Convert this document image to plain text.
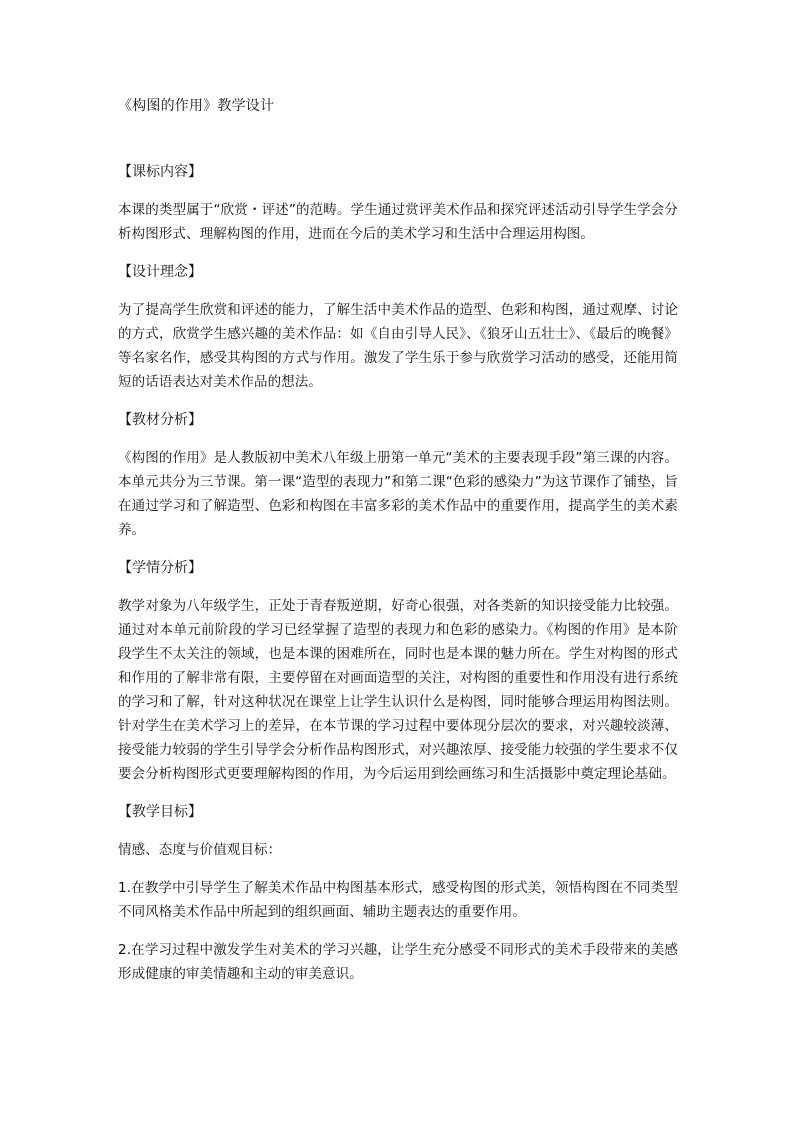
《构图的作用》教学设计
【课标内容】

本课的类型属于“欣赏・评述”的范畴。学生通过赏评美术作品和探究评述活动引导学生学会分析构图形式、理解构图的作用，进而在今后的美术学习和生活中合理运用构图。

【设计理念】

为了提高学生欣赏和评述的能力，了解生活中美术作品的造型、色彩和构图，通过观摩、讨论的方式，欣赏学生感兴趣的美术作品：如《自由引导人民》、《狼牙山五壮士》、《最后的晚餐》等名家名作，感受其构图的方式与作用。激发了学生乐于参与欣赏学习活动的感受，还能用简短的话语表达对美术作品的想法。

【教材分析】

《构图的作用》是人教版初中美术八年级上册第一单元“美术的主要表现手段”第三课的内容。本单元共分为三节课。第一课“造型的表现力”和第二课“色彩的感染力”为这节课作了铺垫，旨在通过学习和了解造型、色彩和构图在丰富多彩的美术作品中的重要作用，提高学生的美术素养。

【学情分析】

教学对象为八年级学生，正处于青春叛逆期，好奇心很强，对各类新的知识接受能力比较强。通过对本单元前阶段的学习已经掌握了造型的表现力和色彩的感染力。《构图的作用》是本阶段学生不太关注的领域，也是本课的困难所在，同时也是本课的魅力所在。学生对构图的形式和作用的了解非常有限，主要停留在对画面造型的关注，对构图的重要性和作用没有进行系统的学习和了解，针对这种状况在课堂上让学生认识什么是构图，同时能够合理运用构图法则。针对学生在美术学习上的差异，在本节课的学习过程中要体现分层次的要求，对兴趣较淡薄、接受能力较弱的学生引导学会分析作品构图形式，对兴趣浓厚、接受能力较强的学生要求不仅要会分析构图形式更要理解构图的作用，为今后运用到绘画练习和生活摄影中奠定理论基础。

【教学目标】

情感、态度与价值观目标：

1.在教学中引导学生了解美术作品中构图基本形式，感受构图的形式美，领悟构图在不同类型不同风格美术作品中所起到的组织画面、辅助主题表达的重要作用。

2.在学习过程中激发学生对美术的学习兴趣，让学生充分感受不同形式的美术手段带来的美感形成健康的审美情趣和主动的审美意识。
